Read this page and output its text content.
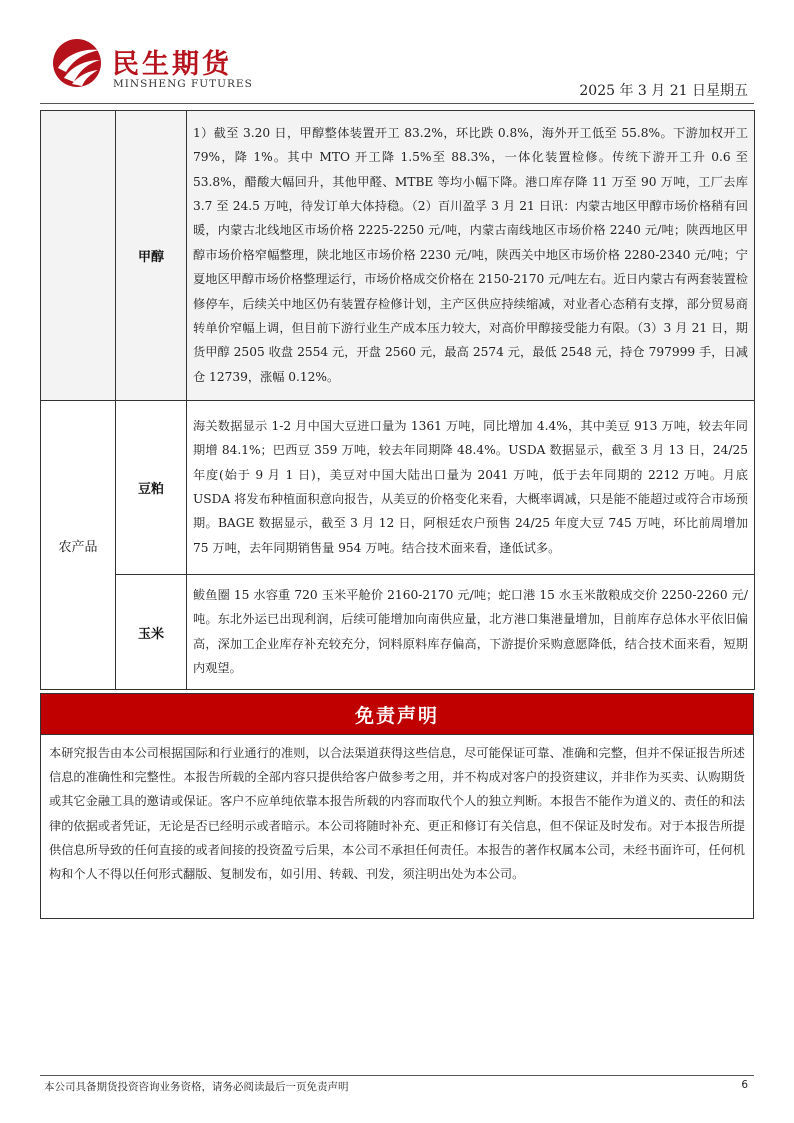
民生期货
MINSHENG FUTURES	2025 年 3 月 21 日星期五
	甲醇	1）截至 3.20 日，甲醇整体装置开工 83.2%，环比跌 0.8%，海外开工低至 55.8%。下游加权开工 79%，降 1%。其中 MTO 开工降 1.5%至 88.3%，一体化装置检修。传统下游开工升 0.6 至 53.8%，醋酸大幅回升，其他甲醛、MTBE 等均小幅下降。港口库存降 11 万至 90 万吨，工厂去库 3.7 至 24.5 万吨，待发订单大体持稳。（2）百川盈孚 3 月 21 日讯：内蒙古地区甲醇市场价格稍有回暖，内蒙古北线地区市场价格 2225-2250 元/吨，内蒙古南线地区市场价格 2240 元/吨；陕西地区甲醇市场价格窄幅整理，陕北地区市场价格 2230 元/吨，陕西关中地区市场价格 2280-2340 元/吨；宁夏地区甲醇市场价格整理运行，市场价格成交价格在 2150-2170 元/吨左右。近日内蒙古有两套装置检修停车，后续关中地区仍有装置存检修计划，主产区供应持续缩减，对业者心态稍有支撑，部分贸易商转单价窄幅上调，但目前下游行业生产成本压力较大，对高价甲醇接受能力有限。（3）3 月 21 日，期货甲醇 2505 收盘 2554 元，开盘 2560 元，最高 2574 元，最低 2548 元，持仓 797999 手，日减仓 12739，涨幅 0.12%。
农产品	豆粕	海关数据显示 1-2 月中国大豆进口量为 1361 万吨，同比增加 4.4%，其中美豆 913 万吨，较去年同期增 84.1%；巴西豆 359 万吨，较去年同期降 48.4%。USDA 数据显示，截至 3 月 13 日，24/25 年度(始于 9 月 1 日)，美豆对中国大陆出口量为 2041 万吨，低于去年同期的 2212 万吨。月底 USDA 将发布种植面积意向报告，从美豆的价格变化来看，大概率调减，只是能不能超过或符合市场预期。BAGE 数据显示，截至 3 月 12 日，阿根廷农户预售 24/25 年度大豆 745 万吨，环比前周增加 75 万吨，去年同期销售量 954 万吨。结合技术面来看，逢低试多。
	玉米	鲅鱼圈 15 水容重 720 玉米平舱价 2160-2170 元/吨；蛇口港 15 水玉米散粮成交价 2250-2260 元/吨。东北外运已出现利润，后续可能增加向南供应量，北方港口集港量增加，目前库存总体水平依旧偏高，深加工企业库存补充较充分，饲料原料库存偏高，下游提价采购意愿降低，结合技术面来看，短期内观望。
免责声明
本研究报告由本公司根据国际和行业通行的准则，以合法渠道获得这些信息，尽可能保证可靠、准确和完整，但并不保证报告所述信息的准确性和完整性。本报告所载的全部内容只提供给客户做参考之用，并不构成对客户的投资建议，并非作为买卖、认购期货或其它金融工具的邀请或保证。客户不应单纯依靠本报告所载的内容而取代个人的独立判断。本报告不能作为道义的、责任的和法律的依据或者凭证，无论是否已经明示或者暗示。本公司将随时补充、更正和修订有关信息，但不保证及时发布。对于本报告所提供信息所导致的任何直接的或者间接的投资盈亏后果，本公司不承担任何责任。本报告的著作权属本公司，未经书面许可，任何机构和个人不得以任何形式翻版、复制发布，如引用、转载、刊发，须注明出处为本公司。
本公司具备期货投资咨询业务资格，请务必阅读最后一页免责声明	6
